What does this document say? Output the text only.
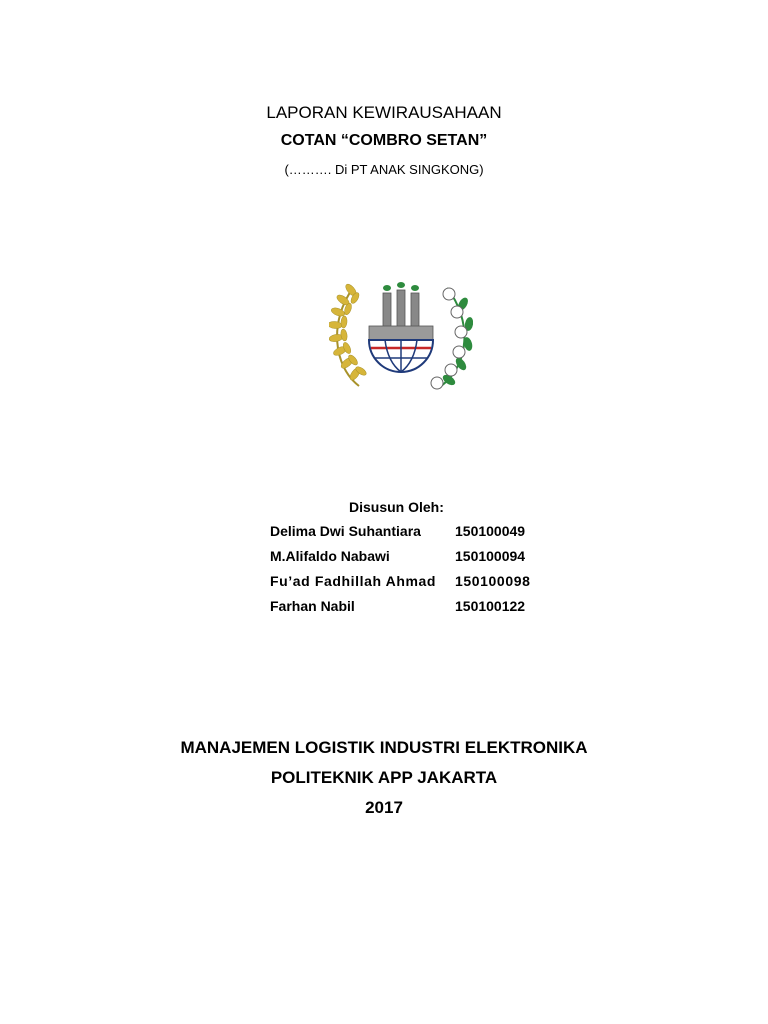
LAPORAN KEWIRAUSAHAAN
COTAN “COMBRO SETAN”
(………. Di PT ANAK SINGKONG)
Disusun Oleh:
Delima Dwi Suhantiara 150100049
M.Alifaldo Nabawi	150100094
Fu’ad Fadhillah Ahmad 150100098
Farhan Nabil	150100122
MANAJEMEN LOGISTIK INDUSTRI ELEKTRONIKA
POLITEKNIK APP JAKARTA
2017
